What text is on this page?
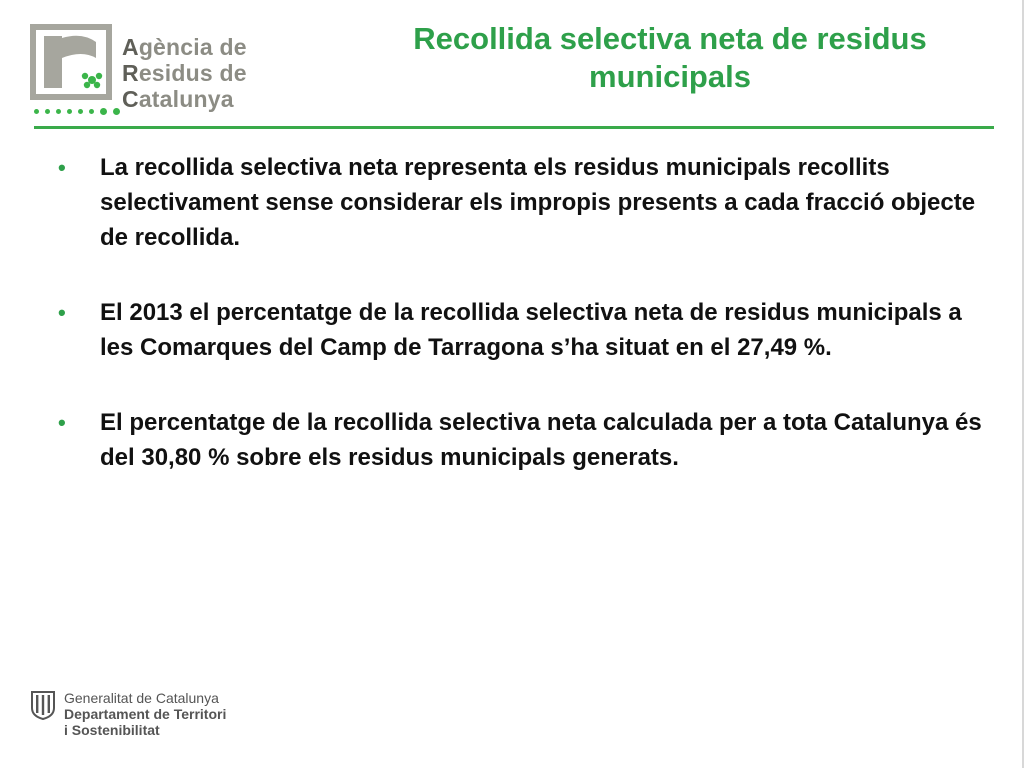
Agència de
Residus de
Catalunya
Recollida selectiva neta de residus municipals
•	La recollida selectiva neta representa els residus municipals recollits selectivament sense considerar els impropis presents a cada fracció objecte de recollida.
•	El 2013 el percentatge de la recollida selectiva neta de residus municipals a les Comarques del Camp de Tarragona s’ha situat en el 27,49 %.
•	El percentatge de la recollida selectiva neta calculada per a tota Catalunya és del 30,80 % sobre els residus municipals generats.
Generalitat de Catalunya
Departament de Territori
i Sostenibilitat
